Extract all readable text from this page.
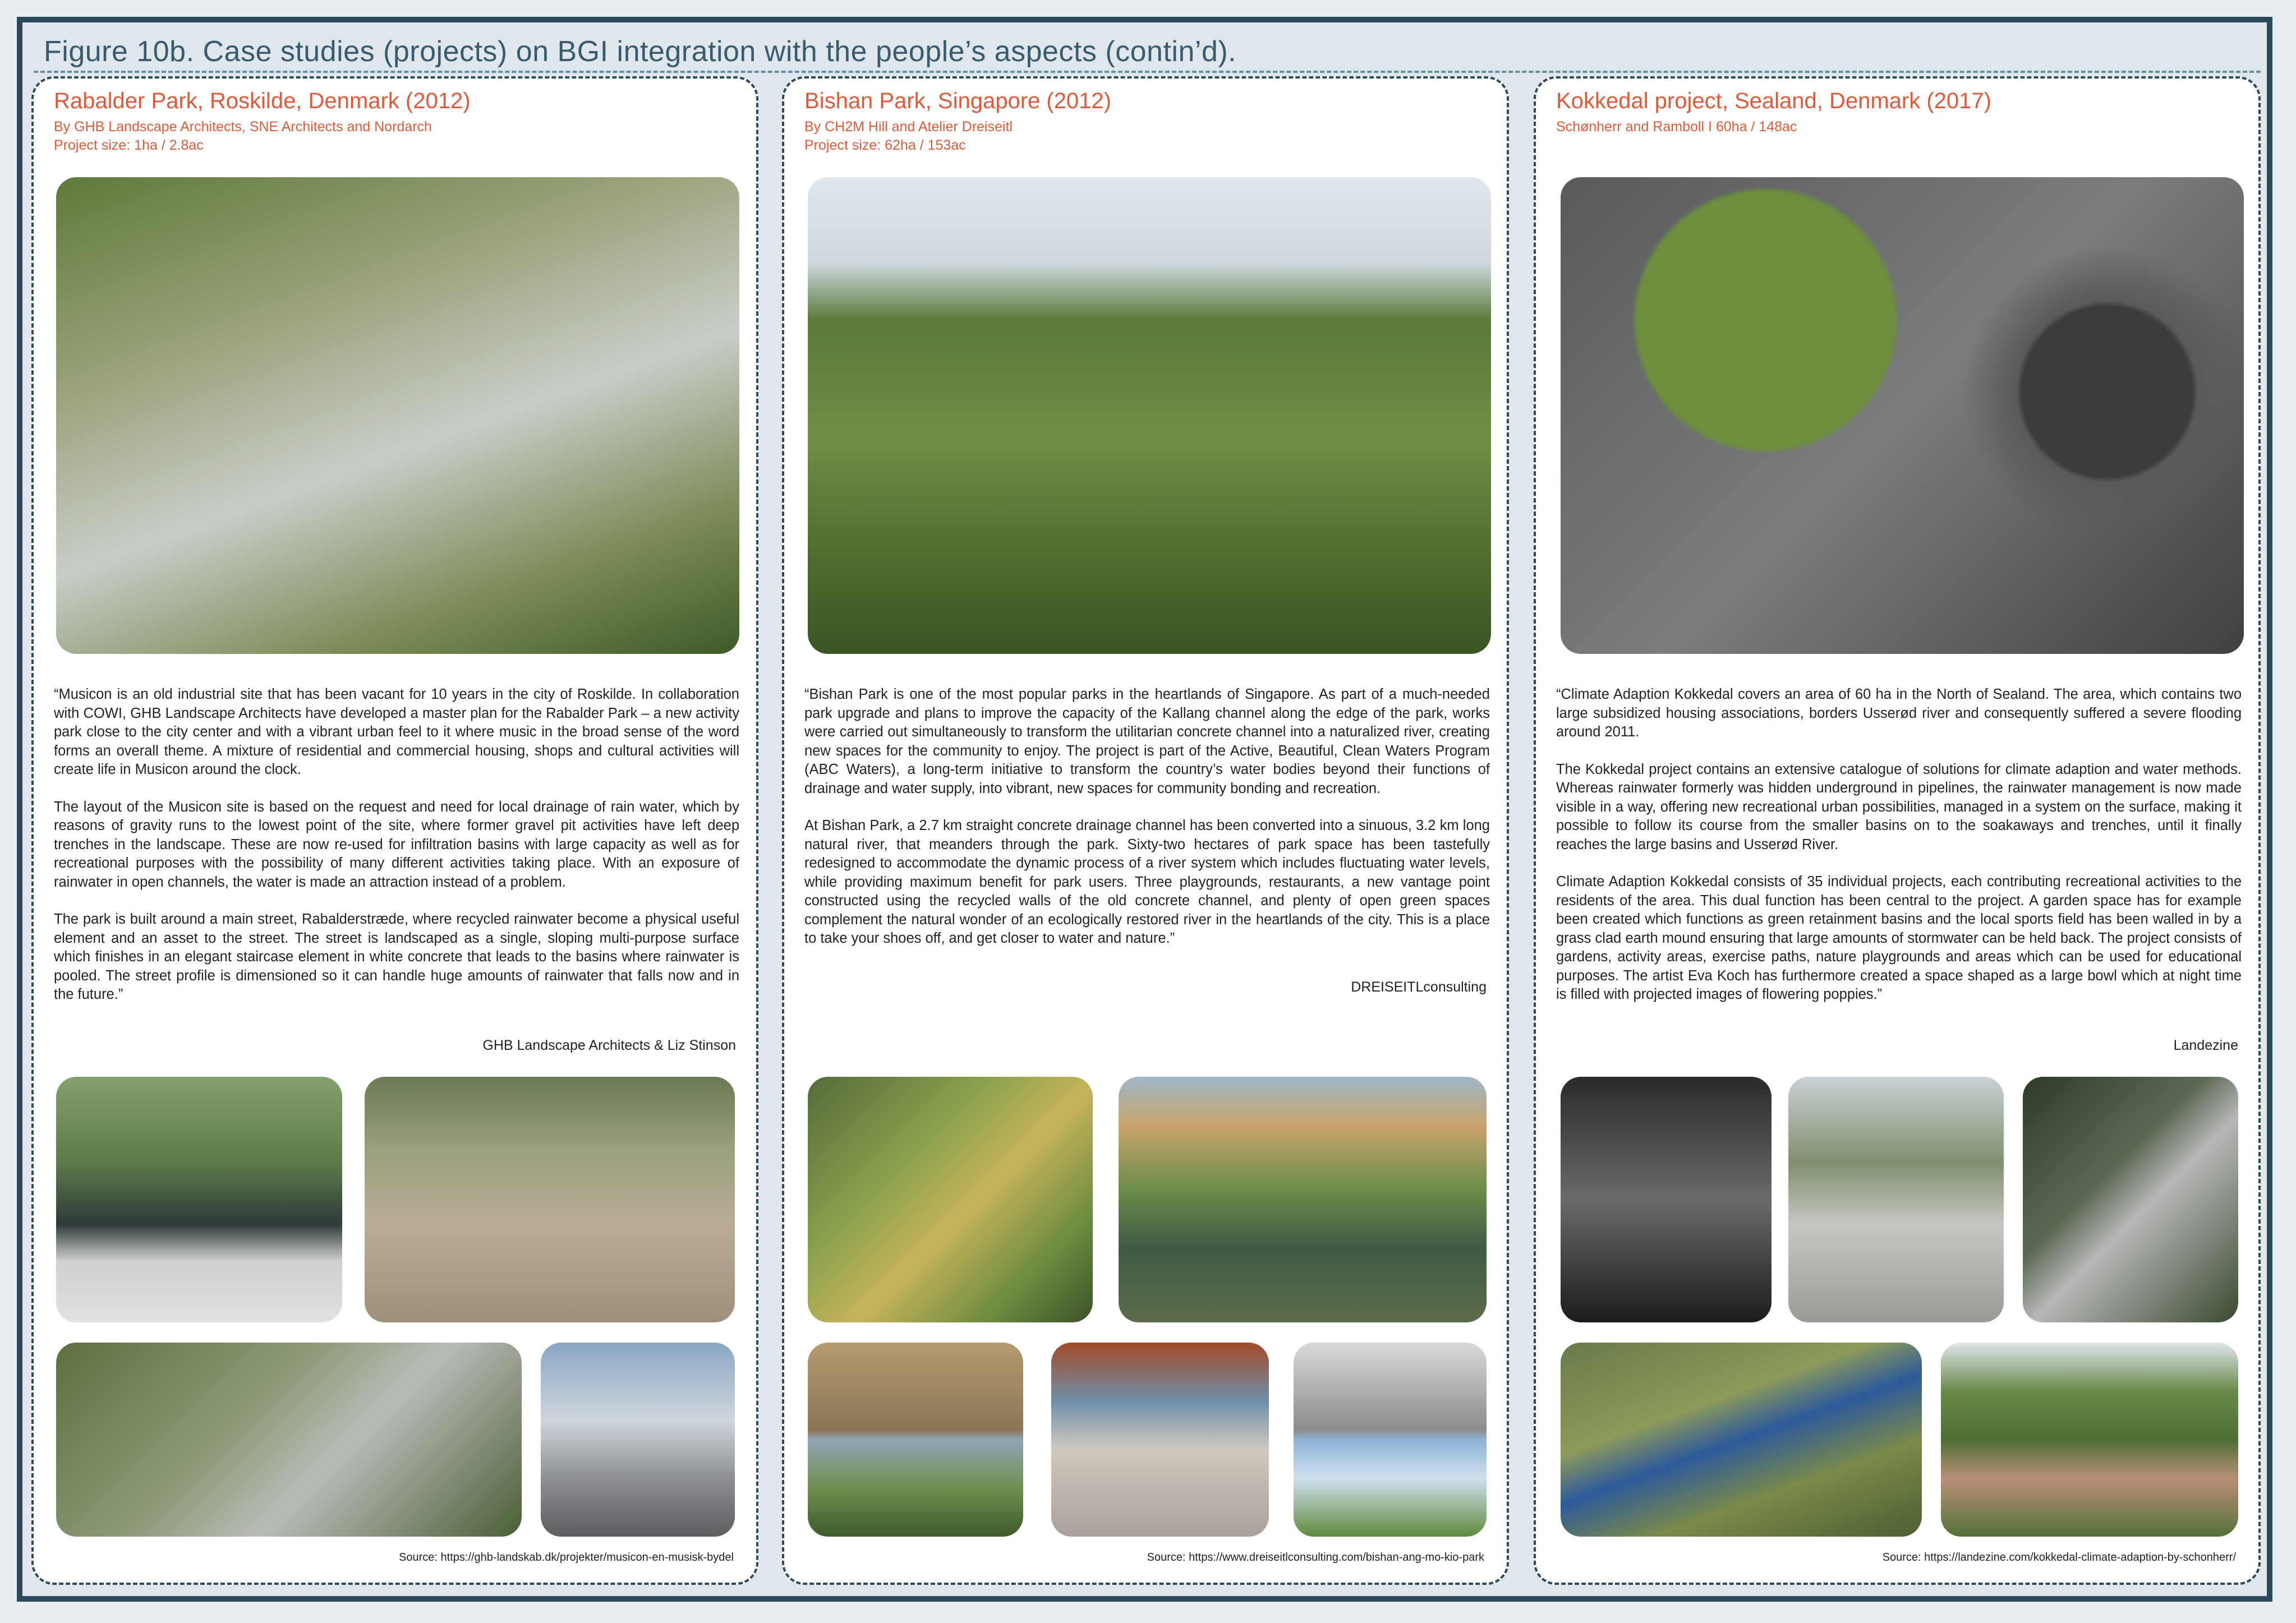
Figure 10b. Case studies (projects) on BGI integration with the people’s aspects (contin’d).
Rabalder Park, Roskilde, Denmark (2012)
By GHB Landscape Architects, SNE Architects and Nordarch
Project size: 1ha / 2.8ac

“Musicon is an old industrial site that has been vacant for 10 years in the city of Roskilde. In collaboration with COWI, GHB Landscape Architects have developed a master plan for the Rabalder Park – a new activity park close to the city center and with a vibrant urban feel to it where music in the broad sense of the word forms an overall theme. A mixture of residential and commercial housing, shops and cultural activities will create life in Musicon around the clock.

The layout of the Musicon site is based on the request and need for local drainage of rain water, which by reasons of gravity runs to the lowest point of the site, where former gravel pit activities have left deep trenches in the landscape. These are now re-used for infiltration basins with large capacity as well as for recreational purposes with the possibility of many different activities taking place. With an exposure of rainwater in open channels, the water is made an attraction instead of a problem.

The park is built around a main street, Rabalderstræde, where recycled rainwater become a physical useful element and an asset to the street. The street is landscaped as a single, sloping multi-purpose surface which finishes in an elegant staircase element in white concrete that leads to the basins where rainwater is pooled. The street profile is dimensioned so it can handle huge amounts of rainwater that falls now and in the future.”

GHB Landscape Architects & Liz Stinson
Source: https://ghb-landskab.dk/projekter/musicon-en-musisk-bydel
Bishan Park, Singapore (2012)
By CH2M Hill and Atelier Dreiseitl
Project size: 62ha / 153ac

“Bishan Park is one of the most popular parks in the heartlands of Singapore. As part of a much-needed park upgrade and plans to improve the capacity of the Kallang channel along the edge of the park, works were carried out simultaneously to transform the utilitarian concrete channel into a naturalized river, creating new spaces for the community to enjoy. The project is part of the Active, Beautiful, Clean Waters Program (ABC Waters), a long-term initiative to transform the country’s water bodies beyond their functions of drainage and water supply, into vibrant, new spaces for community bonding and recreation.

At Bishan Park, a 2.7 km straight concrete drainage channel has been converted into a sinuous, 3.2 km long natural river, that meanders through the park. Sixty-two hectares of park space has been tastefully redesigned to accommodate the dynamic process of a river system which includes fluctuating water levels, while providing maximum benefit for park users. Three playgrounds, restaurants, a new vantage point constructed using the recycled walls of the old concrete channel, and plenty of open green spaces complement the natural wonder of an ecologically restored river in the heartlands of the city. This is a place to take your shoes off, and get closer to water and nature.”

DREISEITLconsulting
Source: https://www.dreiseitlconsulting.com/bishan-ang-mo-kio-park
Kokkedal project, Sealand, Denmark (2017)
Schønherr and Ramboll I 60ha / 148ac

“Climate Adaption Kokkedal covers an area of 60 ha in the North of Sealand. The area, which contains two large subsidized housing associations, borders Usserød river and consequently suffered a severe flooding around 2011.

The Kokkedal project contains an extensive catalogue of solutions for climate adaption and water methods. Whereas rainwater formerly was hidden underground in pipelines, the rainwater management is now made visible in a way, offering new recreational urban possibilities, managed in a system on the surface, making it possible to follow its course from the smaller basins on to the soakaways and trenches, until it finally reaches the large basins and Usserød River.

Climate Adaption Kokkedal consists of 35 individual projects, each contributing recreational activities to the residents of the area. This dual function has been central to the project. A garden space has for example been created which functions as green retainment basins and the local sports field has been walled in by a grass clad earth mound ensuring that large amounts of stormwater can be held back. The project consists of gardens, activity areas, exercise paths, nature playgrounds and areas which can be used for educational purposes. The artist Eva Koch has furthermore created a space shaped as a large bowl which at night time is filled with projected images of flowering poppies.”

Landezine
Source: https://landezine.com/kokkedal-climate-adaption-by-schonherr/
